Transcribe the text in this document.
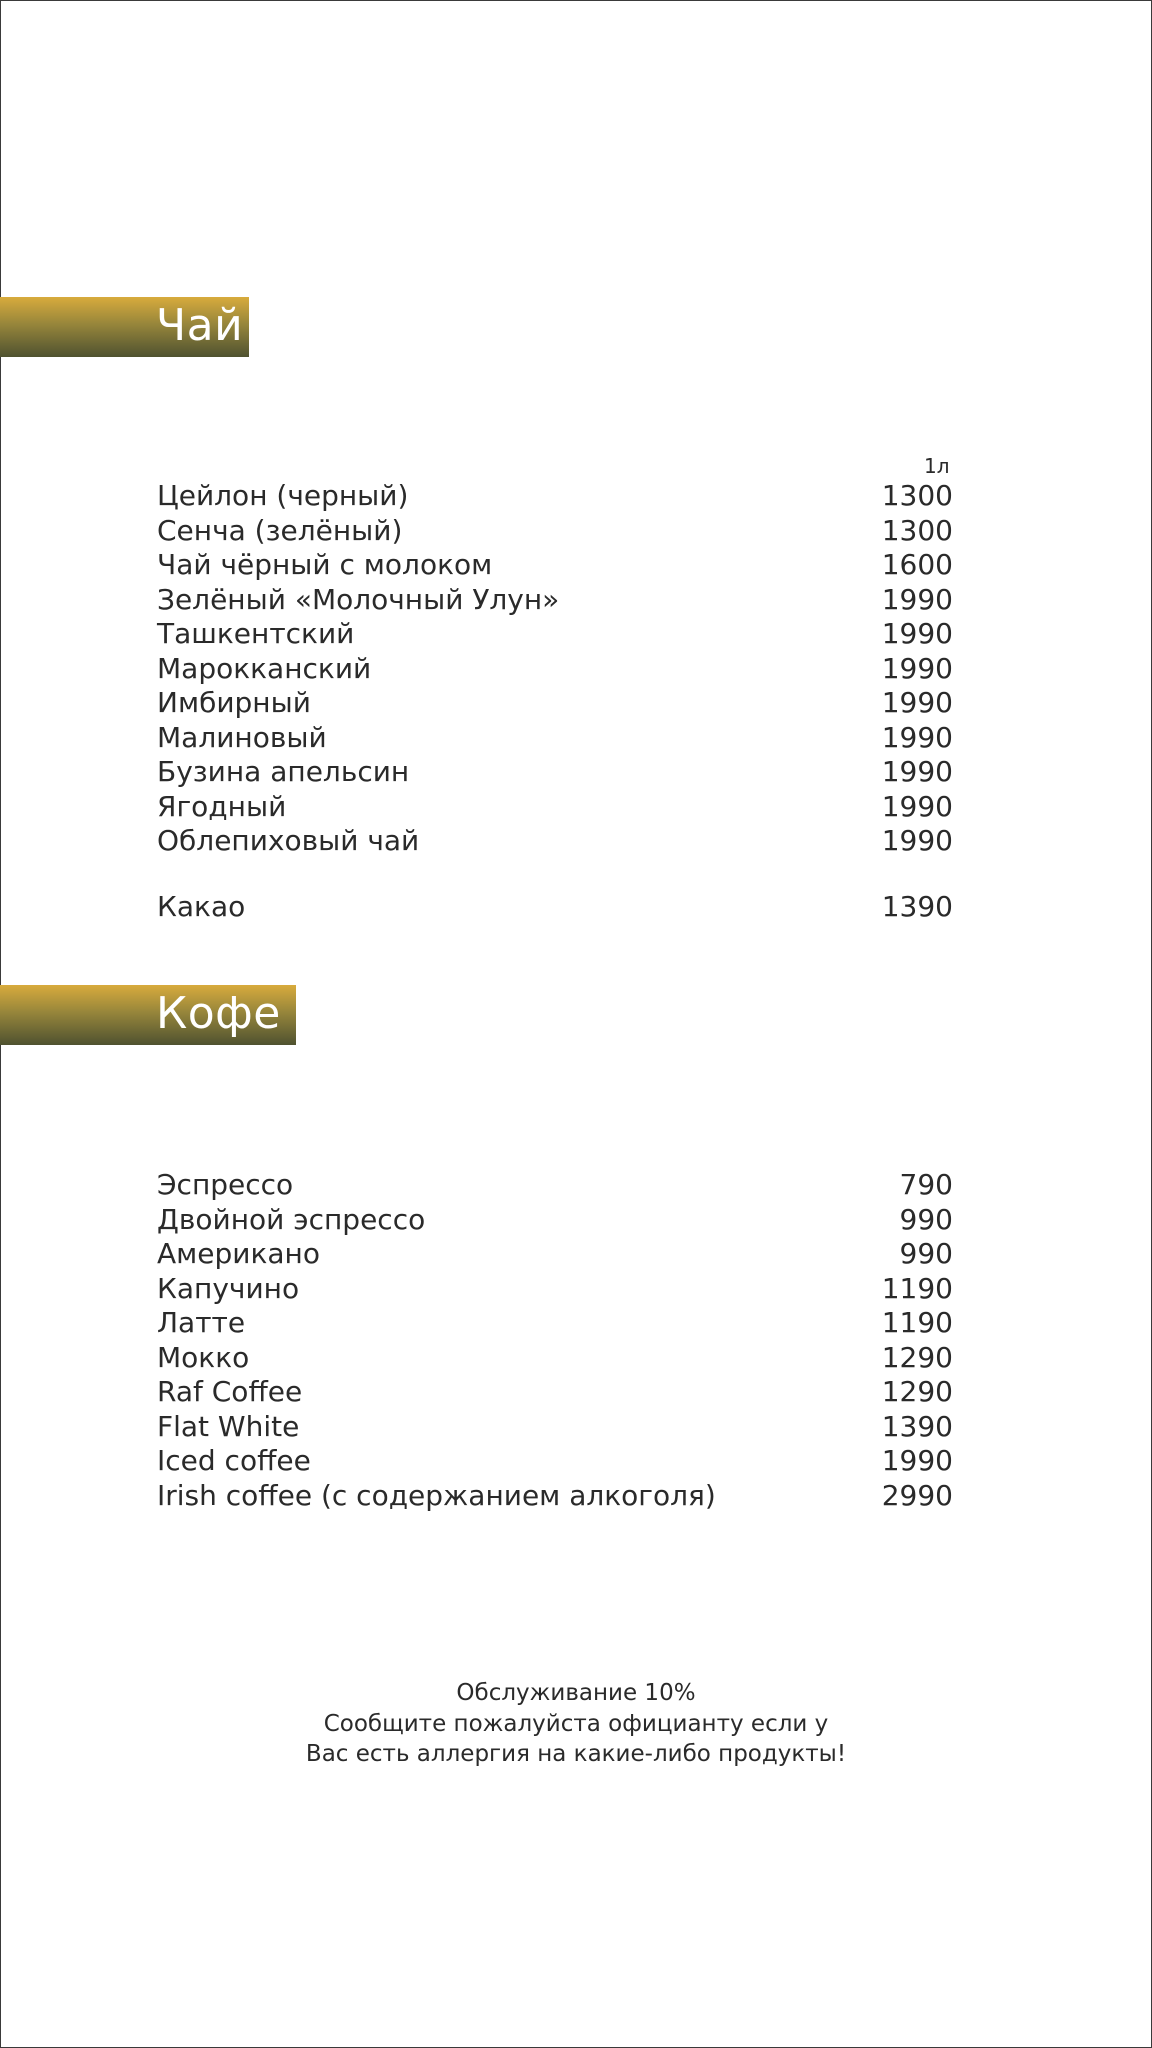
Чай
1л
Цейлон (черный)	1300
Сенча (зелёный)	1300
Чай чёрный с молоком	1600
Зелёный «Молочный Улун»	1990
Ташкентский	1990
Марокканский	1990
Имбирный	1990
Малиновый	1990
Бузина апельсин	1990
Ягодный	1990
Облепиховый чай	1990
Какао	1390
Кофе
Эспрессо	790
Двойной эспрессо	990
Американо	990
Капучино	1190
Латте	1190
Мокко	1290
Raf Coffee	1290
Flat White	1390
Iced coffee	1990
Irish coffee (с содержанием алкоголя)	2990
Обслуживание 10%
Сообщите пожалуйста официанту если у
Вас есть аллергия на какие-либо продукты!
